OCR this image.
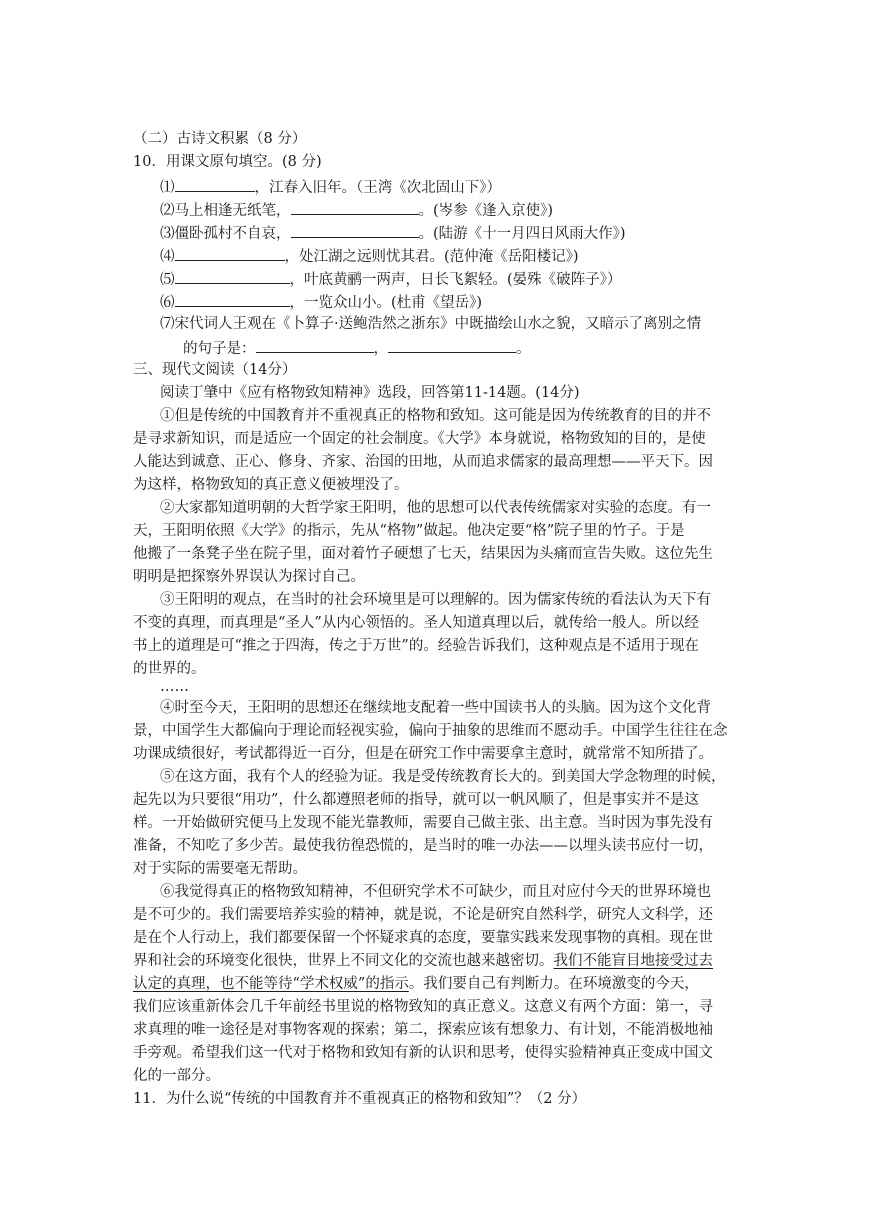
（二）古诗文积累（8 分）
10．用课文原句填空。(8 分)
⑴	，江春入旧年。（王湾《次北固山下》）
⑵马上相逢无纸笔，	。(岑参《逢入京使》)
⑶僵卧孤村不自哀，	。(陆游《十一月四日风雨大作》)
⑷	，处江湖之远则忧其君。(范仲淹《岳阳楼记》)
⑸	，叶底黄鹂一两声，日长飞絮轻。(晏殊《破阵子》）
⑹	，一览众山小。(杜甫《望岳》)
⑺宋代词人王观在《卜算子·送鲍浩然之浙东》中既描绘山水之貌，又暗示了离别之情
的句子是：	，	。
三、现代文阅读（14分）
阅读丁肇中《应有格物致知精神》选段，回答第11-14题。(14分)
①但是传统的中国教育并不重视真正的格物和致知。这可能是因为传统教育的目的并不
是寻求新知识，而是适应一个固定的社会制度。《大学》本身就说，格物致知的目的，是使
人能达到诚意、正心、修身、齐家、治国的田地，从而追求儒家的最高理想——平天下。因
为这样，格物致知的真正意义便被埋没了。
②大家都知道明朝的大哲学家王阳明，他的思想可以代表传统儒家对实验的态度。有一
天，王阳明依照《大学》的指示，先从“格物”做起。他决定要“格”院子里的竹子。于是
他搬了一条凳子坐在院子里，面对着竹子硬想了七天，结果因为头痛而宣告失败。这位先生
明明是把探察外界误认为探讨自己。
③王阳明的观点，在当时的社会环境里是可以理解的。因为儒家传统的看法认为天下有
不变的真理，而真理是“圣人”从内心领悟的。圣人知道真理以后，就传给一般人。所以经
书上的道理是可“推之于四海，传之于万世”的。经验告诉我们，这种观点是不适用于现在
的世界的。
……
④时至今天，王阳明的思想还在继续地支配着一些中国读书人的头脑。因为这个文化背
景，中国学生大都偏向于理论而轻视实验，偏向于抽象的思维而不愿动手。中国学生往往在念
功课成绩很好，考试都得近一百分，但是在研究工作中需要拿主意时，就常常不知所措了。
⑤在这方面，我有个人的经验为证。我是受传统教育长大的。到美国大学念物理的时候，
起先以为只要很“用功”，什么都遵照老师的指导，就可以一帆风顺了，但是事实并不是这
样。一开始做研究便马上发现不能光靠教师，需要自己做主张、出主意。当时因为事先没有
准备，不知吃了多少苦。最使我彷徨恐慌的，是当时的唯一办法——以埋头读书应付一切，
对于实际的需要毫无帮助。
⑥我觉得真正的格物致知精神，不但研究学术不可缺少，而且对应付今天的世界环境也
是不可少的。我们需要培养实验的精神，就是说，不论是研究自然科学，研究人文科学，还
是在个人行动上，我们都要保留一个怀疑求真的态度，要靠实践来发现事物的真相。现在世
界和社会的环境变化很快，世界上不同文化的交流也越来越密切。我们不能盲目地接受过去
认定的真理，也不能等待“学术权威”的指示。我们要自己有判断力。在环境激变的今天，
我们应该重新体会几千年前经书里说的格物致知的真正意义。这意义有两个方面：第一，寻
求真理的唯一途径是对事物客观的探索；第二，探索应该有想象力、有计划，不能消极地袖
手旁观。希望我们这一代对于格物和致知有新的认识和思考，使得实验精神真正变成中国文
化的一部分。
11．为什么说“传统的中国教育并不重视真正的格物和致知”？（2 分）
